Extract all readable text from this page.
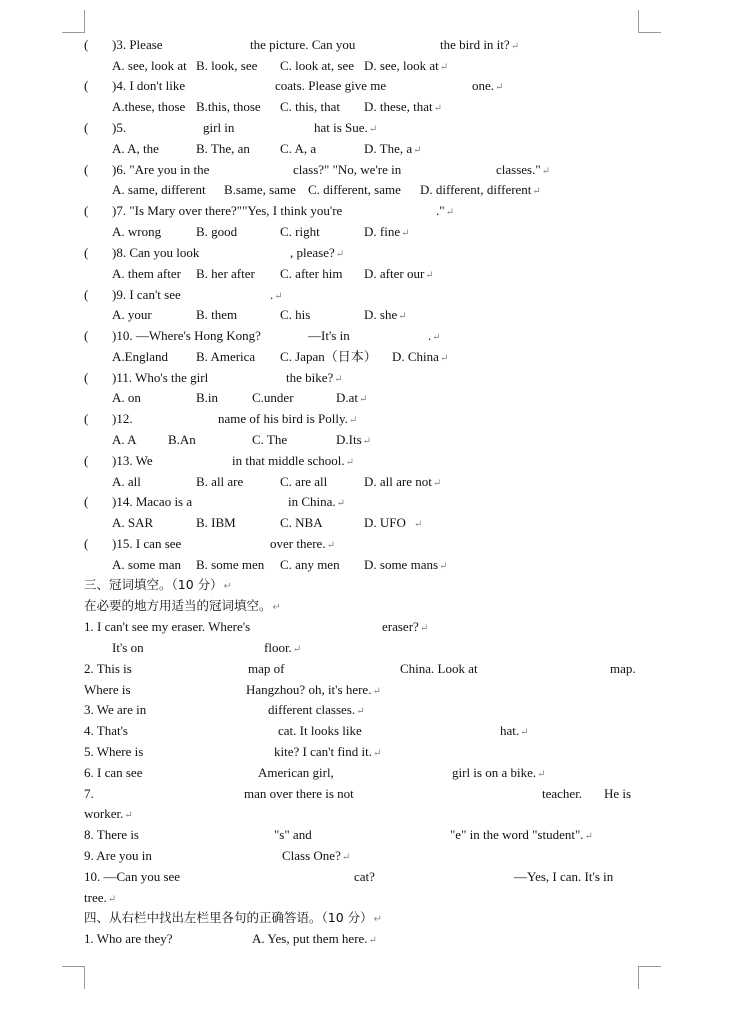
( )3. Please	the picture. Can you	the bird in it?↵
A. see, look at B. look, see C. look at, see D. see, look at↵
( )4. I don't like	coats. Please give me	one.↵
A.these, those B.this, those C. this, that D. these, that↵
( )5.	girl in	hat is Sue.↵
A. A, the	B. The, an C. A, a	D. The, a↵
( )6. "Are you in the	class?" "No, we're in	classes."↵
A. same, different B.same, same C. different, same D. different, different↵
( )7. "Is Mary over there?""Yes, I think you're	."↵
A. wrong	B. good	C. right	D. fine↵
( )8. Can you look	, please?↵
A. them after B. her after C. after him D. after our↵
( )9. I can't see	.↵
A. your	B. them	C. his	D. she↵
( )10. —Where's Hong Kong?	—It's in	.↵
A.England B. America C. Japan（日本） D. China↵
( )11. Who's the girl	the bike?↵
A. on	B.in	C.under	D.at↵
( )12.	name of his bird is Polly.↵
A. A B.An	C. The	D.Its↵
( )13. We	in that middle school.↵
A. all	B. all are	C. are all	D. all are not↵
( )14. Macao is a	in China.↵
A. SAR	B. IBM	C. NBA	D. UFO ↵
( )15. I can see	over there.↵
A. some man B. some men C. any men D. some mans↵
三、冠词填空。（10 分）↵
在必要的地方用适当的冠词填空。↵
1. I can't see my eraser. Where's	eraser?↵
It's on	floor.↵
2. This is	map of	China. Look at	map.
Where is	Hangzhou? oh, it's here.↵
3. We are in	different classes.↵
4. That's	cat. It looks like	hat.↵
5. Where is	kite? I can't find it.↵
6. I can see	American girl,	girl is on a bike.↵
7.	man over there is not	teacher. He is
worker.↵
8. There is	"s" and	"e" in the word "student".↵
9. Are you in	Class One?↵
10. —Can you see	cat?	—Yes, I can. It's in
tree.↵
四、从右栏中找出左栏里各句的正确答语。（10 分）↵
1. Who are they?	A. Yes, put them here.↵
